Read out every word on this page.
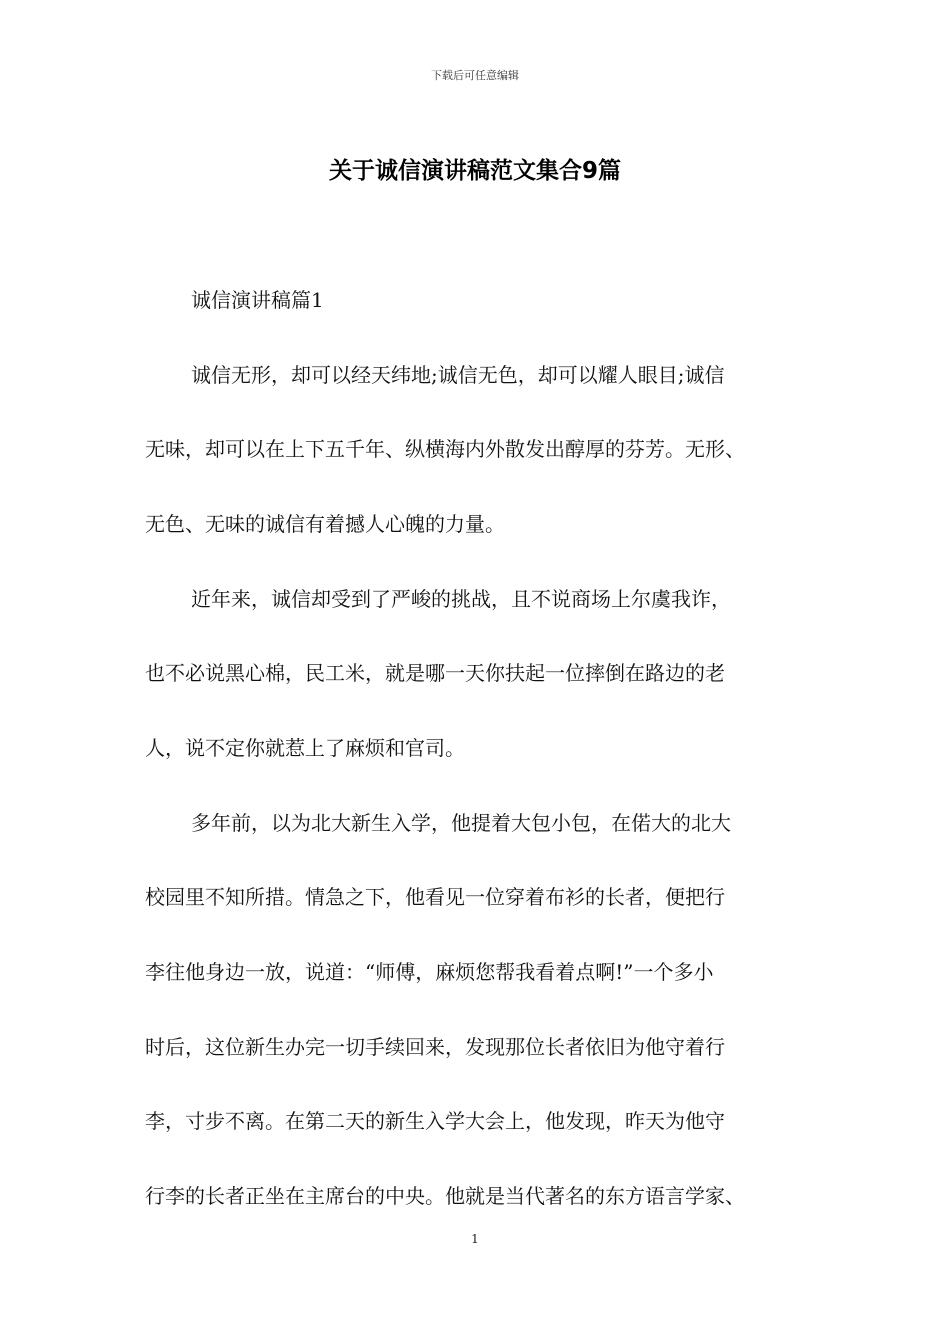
下载后可任意编辑
关于诚信演讲稿范文集合9篇
诚信演讲稿篇1
诚信无形，却可以经天纬地;诚信无色，却可以耀人眼目;诚信
无味，却可以在上下五千年、纵横海内外散发出醇厚的芬芳。无形、
无色、无味的诚信有着撼人心魄的力量。
近年来，诚信却受到了严峻的挑战，且不说商场上尔虞我诈，
也不必说黑心棉，民工米，就是哪一天你扶起一位摔倒在路边的老
人，说不定你就惹上了麻烦和官司。
多年前，以为北大新生入学，他提着大包小包，在偌大的北大
校园里不知所措。情急之下，他看见一位穿着布衫的长者，便把行
李往他身边一放，说道：“师傅，麻烦您帮我看着点啊!”一个多小
时后，这位新生办完一切手续回来，发现那位长者依旧为他守着行
李，寸步不离。在第二天的新生入学大会上，他发现，昨天为他守
行李的长者正坐在主席台的中央。他就是当代著名的东方语言学家、
1
